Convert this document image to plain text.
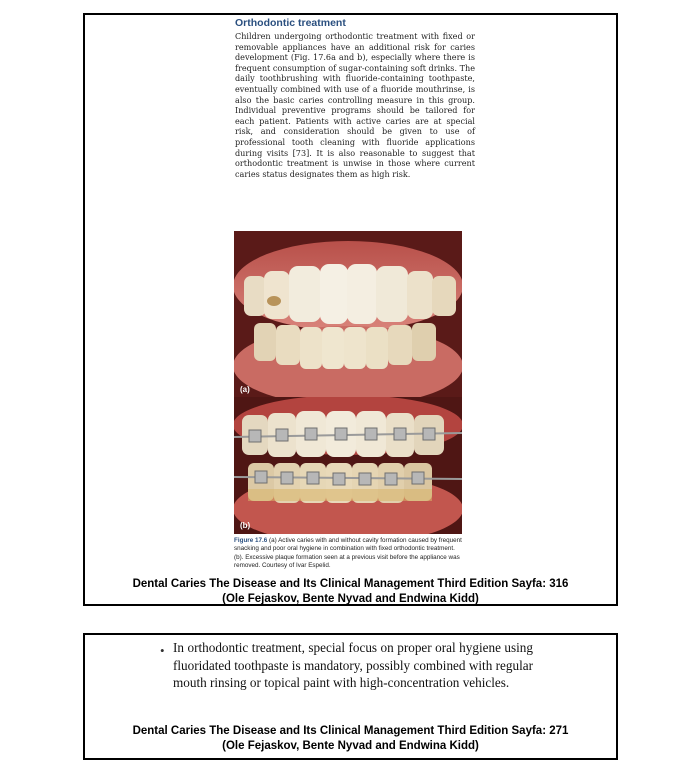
Orthodontic treatment
Children undergoing orthodontic treatment with fixed or removable appliances have an additional risk for caries development (Fig. 17.6a and b), especially where there is frequent consumption of sugar-containing soft drinks. The daily toothbrushing with fluoride-containing toothpaste, eventually combined with use of a fluoride mouthrinse, is also the basic caries controlling measure in this group. Individual preventive programs should be tailored for each patient. Patients with active caries are at special risk, and consideration should be given to use of professional tooth cleaning with fluoride applications during visits [73]. It is also reasonable to suggest that orthodontic treatment is unwise in those where current caries status designates them as high risk.
(a)
(b)
Figure 17.6 (a) Active caries with and without cavity formation caused by frequent snacking and poor oral hygiene in combination with fixed orthodontic treatment. (b). Excessive plaque formation seen at a previous visit before the appliance was removed. Courtesy of Ivar Espelid.
Dental Caries The Disease and Its Clinical Management Third Edition Sayfa: 316
(Ole Fejaskov, Bente Nyvad and Endwina Kidd)
• In orthodontic treatment, special focus on proper oral hygiene using fluoridated toothpaste is mandatory, possibly combined with regular mouth rinsing or topical paint with high-concentration vehicles.
Dental Caries The Disease and Its Clinical Management Third Edition Sayfa: 271
(Ole Fejaskov, Bente Nyvad and Endwina Kidd)
